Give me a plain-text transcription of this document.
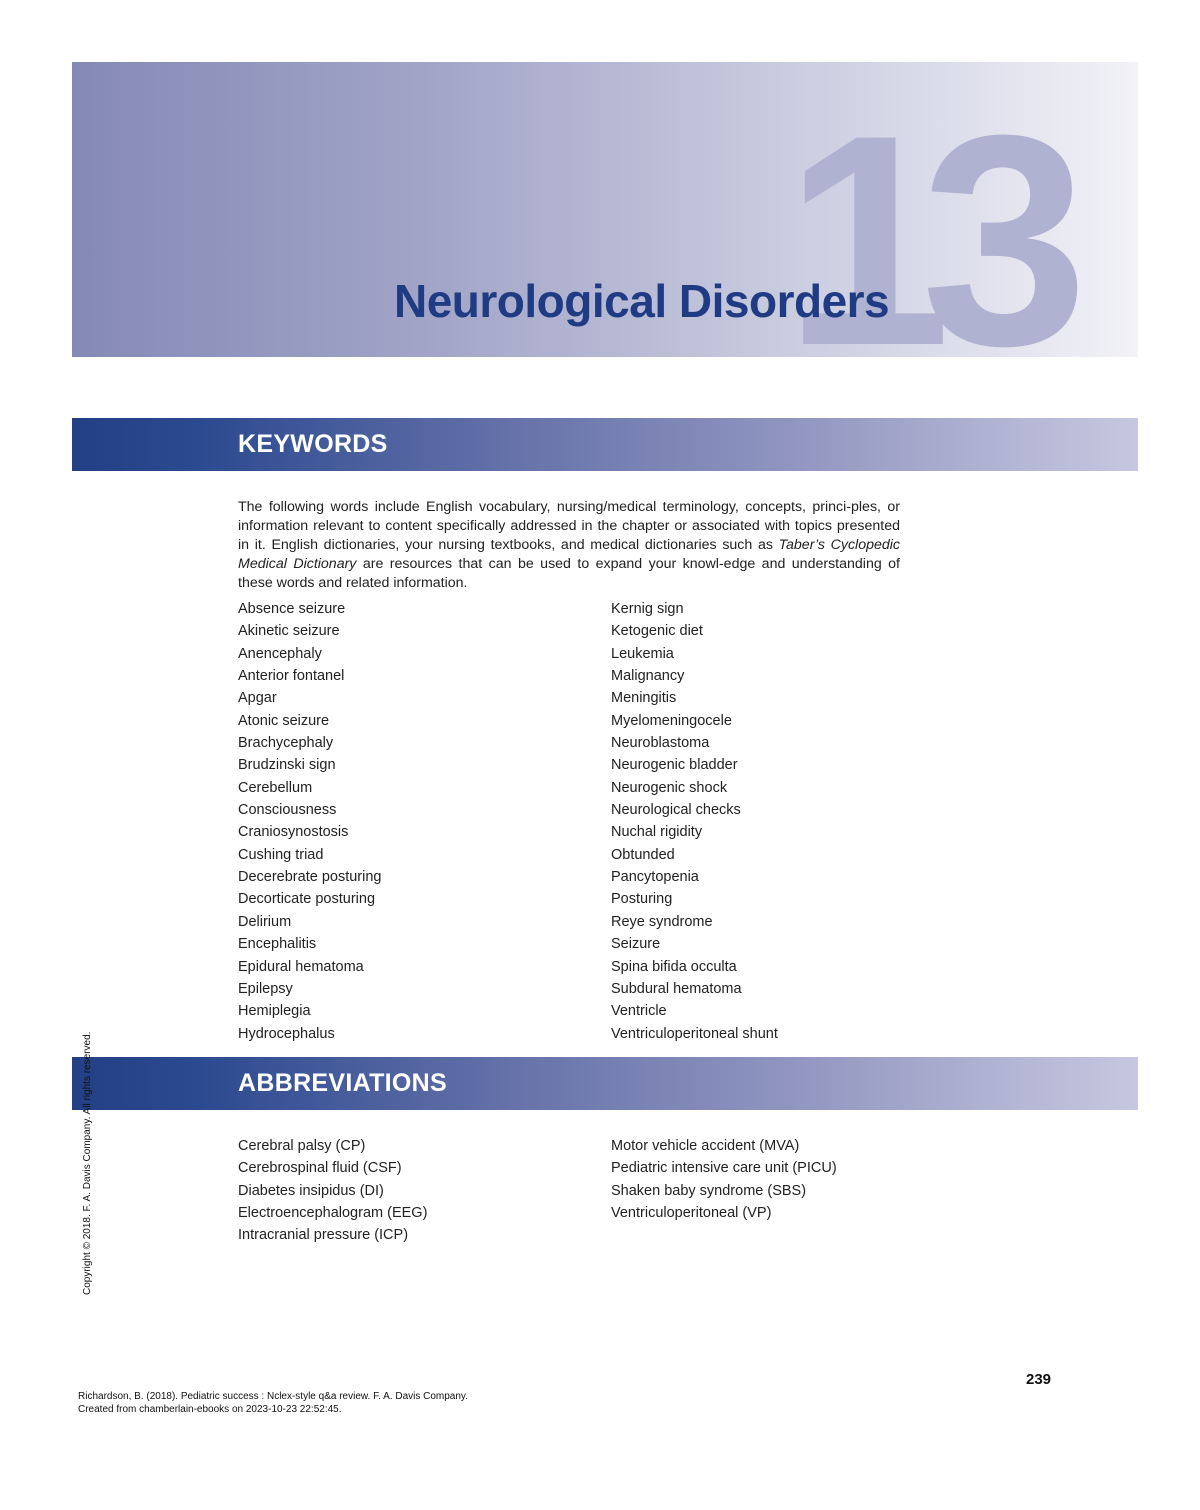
13
Neurological Disorders
KEYWORDS

The following words include English vocabulary, nursing/medical terminology, concepts, princi-ples, or information relevant to content specifically addressed in the chapter or associated with topics presented in it. English dictionaries, your nursing textbooks, and medical dictionaries such as Taber’s Cyclopedic Medical Dictionary are resources that can be used to expand your knowl-edge and understanding of these words and related information.

Absence seizure
Akinetic seizure
Anencephaly
Anterior fontanel
Apgar
Atonic seizure
Brachycephaly
Brudzinski sign
Cerebellum
Consciousness
Craniosynostosis
Cushing triad
Decerebrate posturing
Decorticate posturing
Delirium
Encephalitis
Epidural hematoma
Epilepsy
Hemiplegia
Hydrocephalus
Kernig sign
Ketogenic diet
Leukemia
Malignancy
Meningitis
Myelomeningocele
Neuroblastoma
Neurogenic bladder
Neurogenic shock
Neurological checks
Nuchal rigidity
Obtunded
Pancytopenia
Posturing
Reye syndrome
Seizure
Spina bifida occulta
Subdural hematoma
Ventricle
Ventriculoperitoneal shunt
ABBREVIATIONS
Cerebral palsy (CP)
Cerebrospinal fluid (CSF)
Diabetes insipidus (DI)
Electroencephalogram (EEG)
Intracranial pressure (ICP)
Motor vehicle accident (MVA)
Pediatric intensive care unit (PICU)
Shaken baby syndrome (SBS)
Ventriculoperitoneal (VP)
Copyright © 2018. F. A. Davis Company. All rights reserved.
239
Richardson, B. (2018). Pediatric success : Nclex-style q&a review. F. A. Davis Company.
Created from chamberlain-ebooks on 2023-10-23 22:52:45.
